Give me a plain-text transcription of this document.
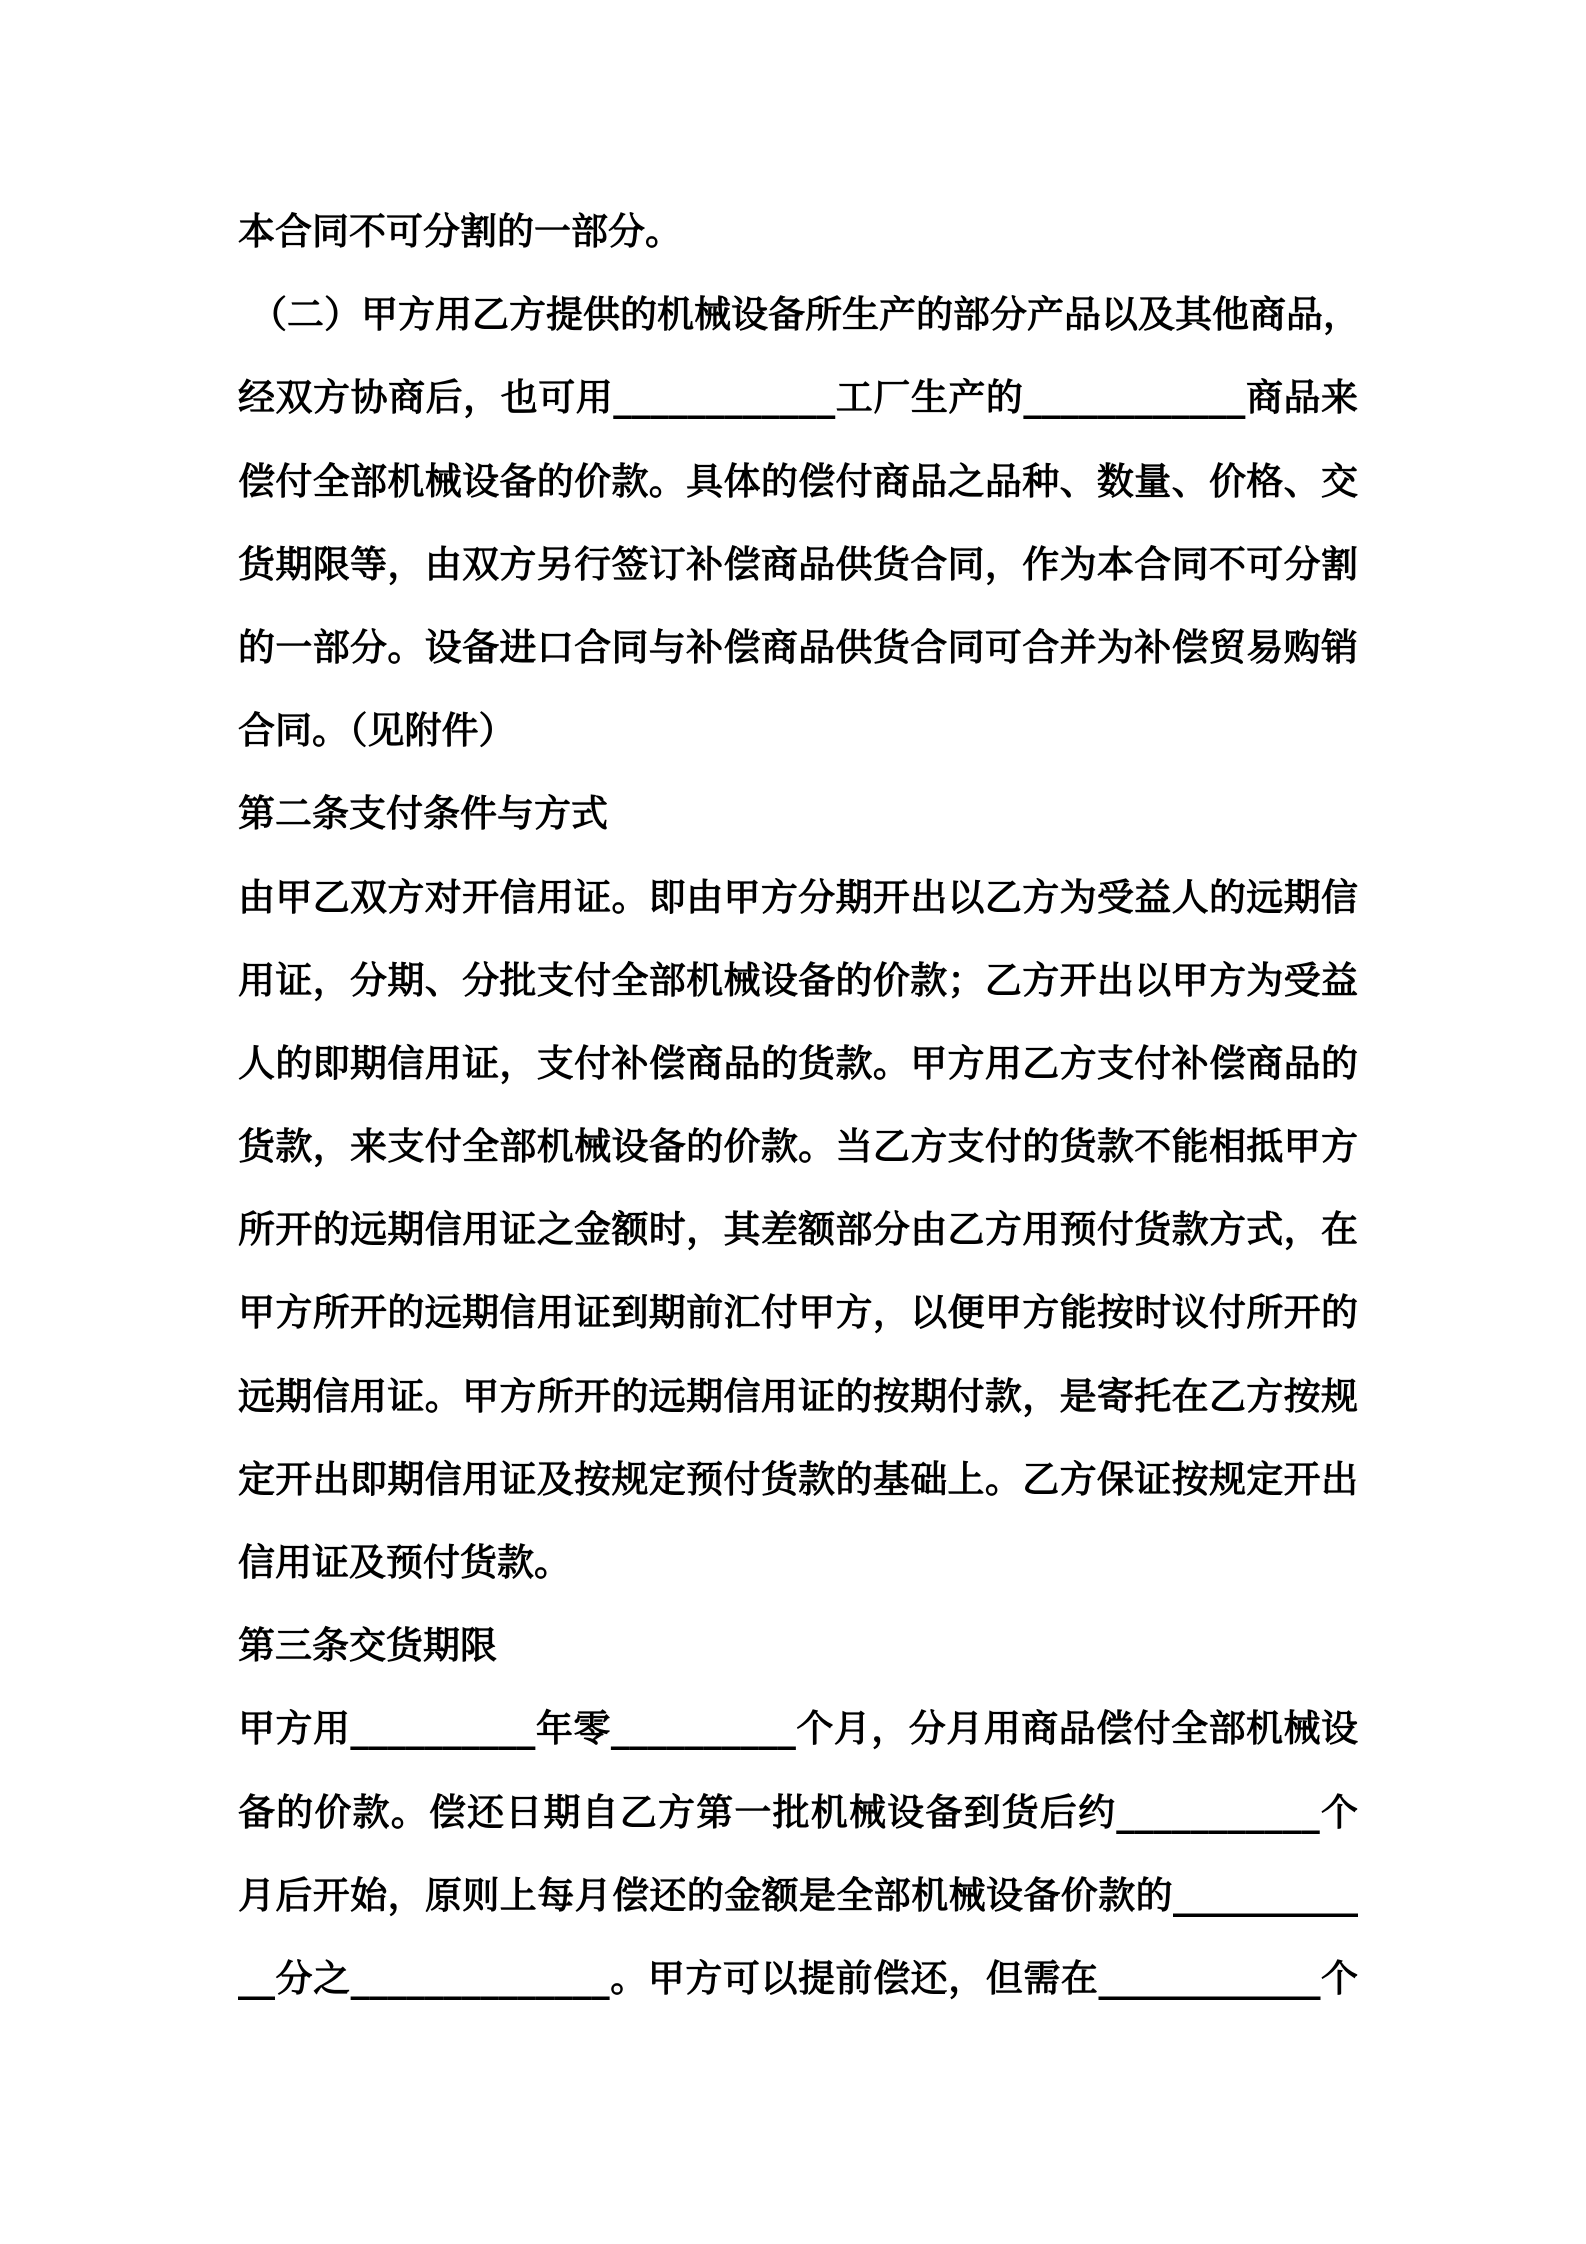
本合同不可分割的一部分。
（二）甲方用乙方提供的机械设备所生产的部分产品以及其他商品，
经双方协商后，也可用____________工厂生产的____________商品来
偿付全部机械设备的价款。具体的偿付商品之品种、数量、价格、交
货期限等，由双方另行签订补偿商品供货合同，作为本合同不可分割
的一部分。设备进口合同与补偿商品供货合同可合并为补偿贸易购销
合同。（见附件）
第二条支付条件与方式
由甲乙双方对开信用证。即由甲方分期开出以乙方为受益人的远期信
用证，分期、分批支付全部机械设备的价款；乙方开出以甲方为受益
人的即期信用证，支付补偿商品的货款。甲方用乙方支付补偿商品的
货款，来支付全部机械设备的价款。当乙方支付的货款不能相抵甲方
所开的远期信用证之金额时，其差额部分由乙方用预付货款方式，在
甲方所开的远期信用证到期前汇付甲方，以便甲方能按时议付所开的
远期信用证。甲方所开的远期信用证的按期付款，是寄托在乙方按规
定开出即期信用证及按规定预付货款的基础上。乙方保证按规定开出
信用证及预付货款。
第三条交货期限
甲方用__________年零__________个月，分月用商品偿付全部机械设
备的价款。偿还日期自乙方第一批机械设备到货后约___________个
月后开始，原则上每月偿还的金额是全部机械设备价款的__________
__分之______________。甲方可以提前偿还，但需在____________个
